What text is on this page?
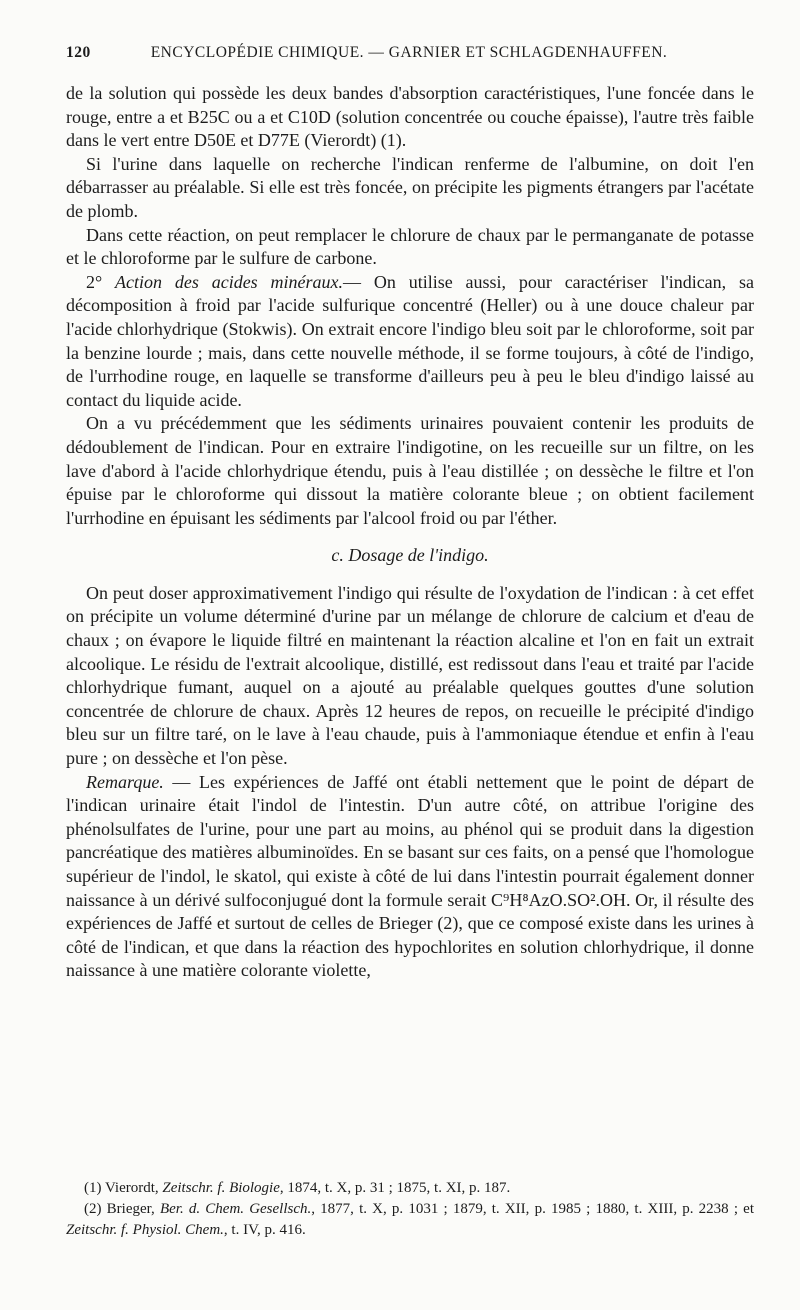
120	ENCYCLOPÉDIE CHIMIQUE. — GARNIER ET SCHLAGDENHAUFFEN.

de la solution qui possède les deux bandes d'absorption caractéristiques, l'une foncée dans le rouge, entre a et B25C ou a et C10D (solution concentrée ou couche épaisse), l'autre très faible dans le vert entre D50E et D77E (Vierordt) (1).

Si l'urine dans laquelle on recherche l'indican renferme de l'albumine, on doit l'en débarrasser au préalable. Si elle est très foncée, on précipite les pigments étrangers par l'acétate de plomb.

Dans cette réaction, on peut remplacer le chlorure de chaux par le permanganate de potasse et le chloroforme par le sulfure de carbone.

2° Action des acides minéraux.— On utilise aussi, pour caractériser l'indican, sa décomposition à froid par l'acide sulfurique concentré (Heller) ou à une douce chaleur par l'acide chlorhydrique (Stokwis). On extrait encore l'indigo bleu soit par le chloroforme, soit par la benzine lourde ; mais, dans cette nouvelle méthode, il se forme toujours, à côté de l'indigo, de l'urrhodine rouge, en laquelle se transforme d'ailleurs peu à peu le bleu d'indigo laissé au contact du liquide acide.

On a vu précédemment que les sédiments urinaires pouvaient contenir les produits de dédoublement de l'indican. Pour en extraire l'indigotine, on les recueille sur un filtre, on les lave d'abord à l'acide chlorhydrique étendu, puis à l'eau distillée ; on dessèche le filtre et l'on épuise par le chloroforme qui dissout la matière colorante bleue ; on obtient facilement l'urrhodine en épuisant les sédiments par l'alcool froid ou par l'éther.

c. Dosage de l'indigo.

On peut doser approximativement l'indigo qui résulte de l'oxydation de l'indican : à cet effet on précipite un volume déterminé d'urine par un mélange de chlorure de calcium et d'eau de chaux ; on évapore le liquide filtré en maintenant la réaction alcaline et l'on en fait un extrait alcoolique. Le résidu de l'extrait alcoolique, distillé, est redissout dans l'eau et traité par l'acide chlorhydrique fumant, auquel on a ajouté au préalable quelques gouttes d'une solution concentrée de chlorure de chaux. Après 12 heures de repos, on recueille le précipité d'indigo bleu sur un filtre taré, on le lave à l'eau chaude, puis à l'ammoniaque étendue et enfin à l'eau pure ; on dessèche et l'on pèse.

Remarque. — Les expériences de Jaffé ont établi nettement que le point de départ de l'indican urinaire était l'indol de l'intestin. D'un autre côté, on attribue l'origine des phénolsulfates de l'urine, pour une part au moins, au phénol qui se produit dans la digestion pancréatique des matières albuminoïdes. En se basant sur ces faits, on a pensé que l'homologue supérieur de l'indol, le skatol, qui existe à côté de lui dans l'intestin pourrait également donner naissance à un dérivé sulfoconjugué dont la formule serait C⁹H⁸AzO.SO².OH. Or, il résulte des expériences de Jaffé et surtout de celles de Brieger (2), que ce composé existe dans les urines à côté de l'indican, et que dans la réaction des hypochlorites en solution chlorhydrique, il donne naissance à une matière colorante violette,

(1) Vierordt, Zeitschr. f. Biologie, 1874, t. X, p. 31 ; 1875, t. XI, p. 187.

(2) Brieger, Ber. d. Chem. Gesellsch., 1877, t. X, p. 1031 ; 1879, t. XII, p. 1985 ; 1880, t. XIII, p. 2238 ; et Zeitschr. f. Physiol. Chem., t. IV, p. 416.
